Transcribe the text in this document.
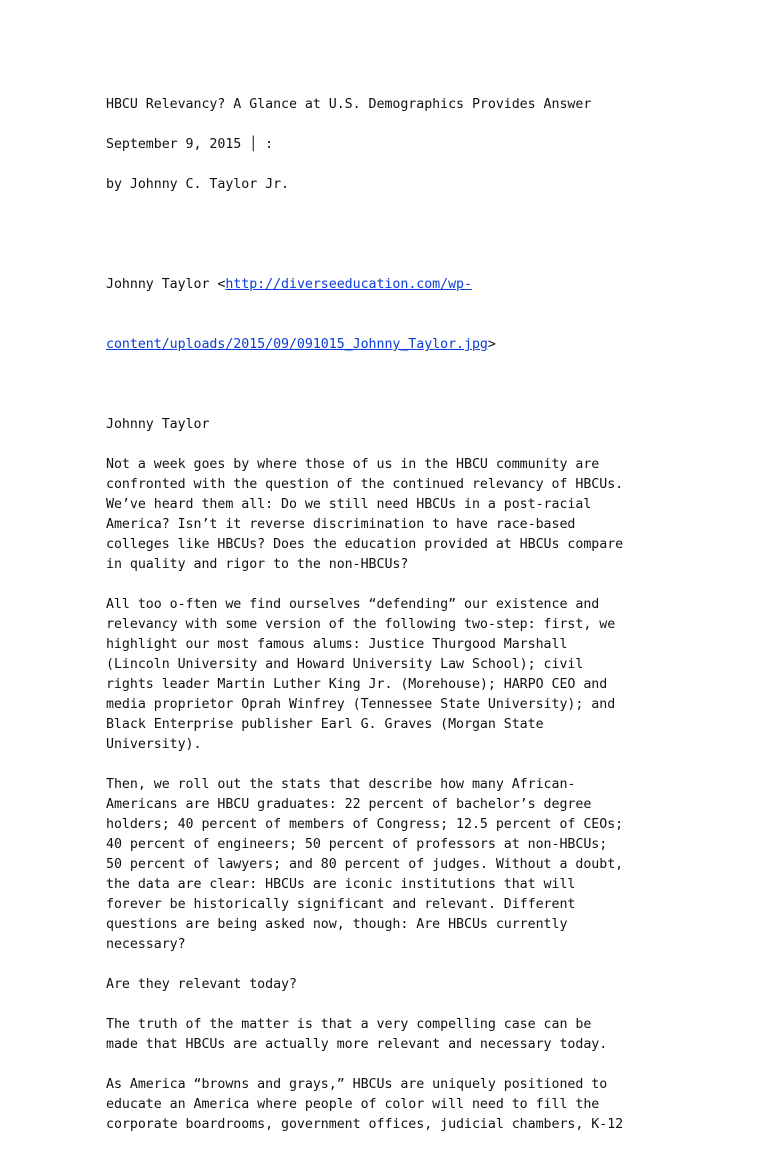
HBCU Relevancy? A Glance at U.S. Demographics Provides Answer

September 9, 2015 │ :

by Johnny C. Taylor Jr.

Johnny Taylor <http://diverseeducation.com/wp-

content/uploads/2015/09/091015_Johnny_Taylor.jpg>

Johnny Taylor

Not a week goes by where those of us in the HBCU community are
confronted with the question of the continued relevancy of HBCUs.
We’ve heard them all: Do we still need HBCUs in a post-racial
America? Isn’t it reverse discrimination to have race-based
colleges like HBCUs? Does the education provided at HBCUs compare
in quality and rigor to the non-HBCUs?

All too o-ften we find ourselves “defending” our existence and
relevancy with some version of the following two-step: first, we
highlight our most famous alums: Justice Thurgood Marshall
(Lincoln University and Howard University Law School); civil
rights leader Martin Luther King Jr. (Morehouse); HARPO CEO and
media proprietor Oprah Winfrey (Tennessee State University); and
Black Enterprise publisher Earl G. Graves (Morgan State
University).

Then, we roll out the stats that describe how many African-
Americans are HBCU graduates: 22 percent of bachelor’s degree
holders; 40 percent of members of Congress; 12.5 percent of CEOs;
40 percent of engineers; 50 percent of professors at non-HBCUs;
50 percent of lawyers; and 80 percent of judges. Without a doubt,
the data are clear: HBCUs are iconic institutions that will
forever be historically significant and relevant. Different
questions are being asked now, though: Are HBCUs currently
necessary?

Are they relevant today?

The truth of the matter is that a very compelling case can be
made that HBCUs are actually more relevant and necessary today.

As America “browns and grays,” HBCUs are uniquely positioned to
educate an America where people of color will need to fill the
corporate boardrooms, government offices, judicial chambers, K-12
